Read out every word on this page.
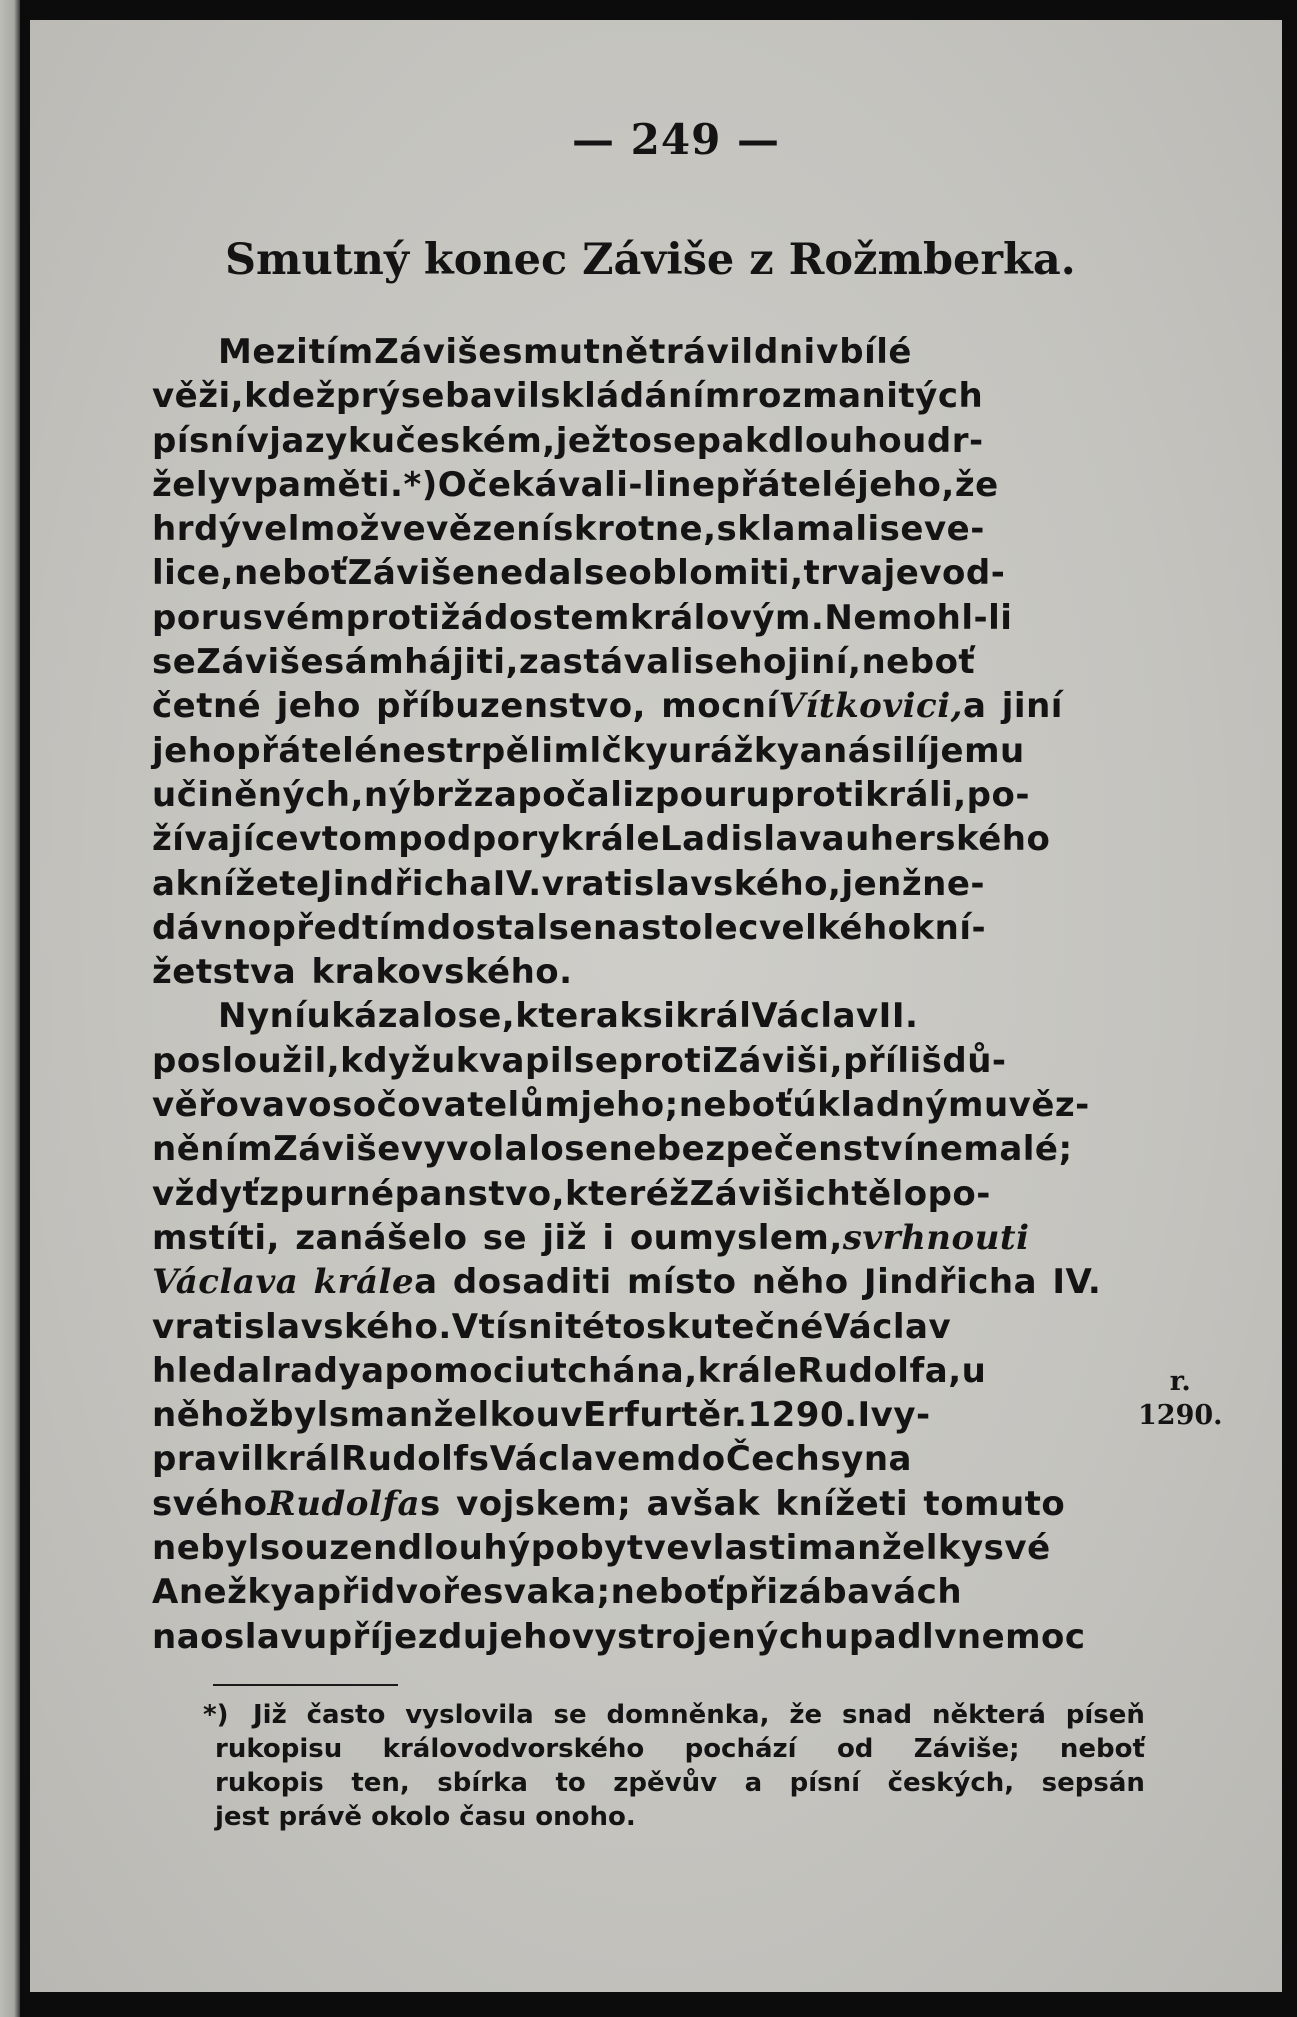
— 249 —
Smutný konec Záviše z Rožmberka.
Mezi tím Záviše smutně trávil dni v bílé
věži, kdež prý se bavil skládáním rozmanitých
písní v jazyku českém, ježto se pak dlouho udr-
žely v paměti. *) Očekávali-li nepřátelé jeho, že
hrdý velmož ve vězení skrotne, sklamali se ve-
lice, neboť Záviše nedal se oblomiti, trvaje v od-
poru svém proti žádostem královým. Nemohl-li
se Záviše sám hájiti, zastávali se ho jiní, neboť
četné jeho příbuzenstvo, mocní Vítkovici, a jiní
jeho přátelé nestrpěli mlčky urážky a násilí jemu
učiněných, nýbrž započali zpouru proti králi, po-
žívajíce v tom podpory krále Ladislava uherského
a knížete Jindřicha IV. vratislavského, jenž ne-
dávno před tím dostal se na stolec velkého kní-
žetstva krakovského.
Nyní ukázalo se, kterak si král Václav II.
posloužil, když ukvapil se proti Záviši, příliš dů-
věřovav osočovatelům jeho; neboť úkladným uvěz-
něním Záviše vyvolalo se nebezpečenství nemalé;
vždyť zpurné panstvo, kteréž Záviši chtělo po-
mstíti, zanášelo se již i oumyslem, svrhnouti
Václava krále a dosaditi místo něho Jindřicha IV.
vratislavského. V tísni této skutečné Václav
hledal rady a pomoci u tchána, krále Rudolfa, u
něhož byl s manželkou v Erfurtě r. 1290. I vy-
pravil král Rudolf s Václavem do Čech syna
svého Rudolfa s vojskem; avšak knížeti tomuto
nebyl souzen dlouhý pobyt ve vlasti manželky své
Anežky a při dvoře svaka; neboť při zábavách
na oslavu příjezdu jeho vystrojených upadl v nemoc
r.
1290.
*) Již často vyslovila se domněnka, že snad některá píseň
rukopisu královodvorského pochází od Záviše; neboť
rukopis ten, sbírka to zpěvův a písní českých, sepsán
jest právě okolo času onoho.
